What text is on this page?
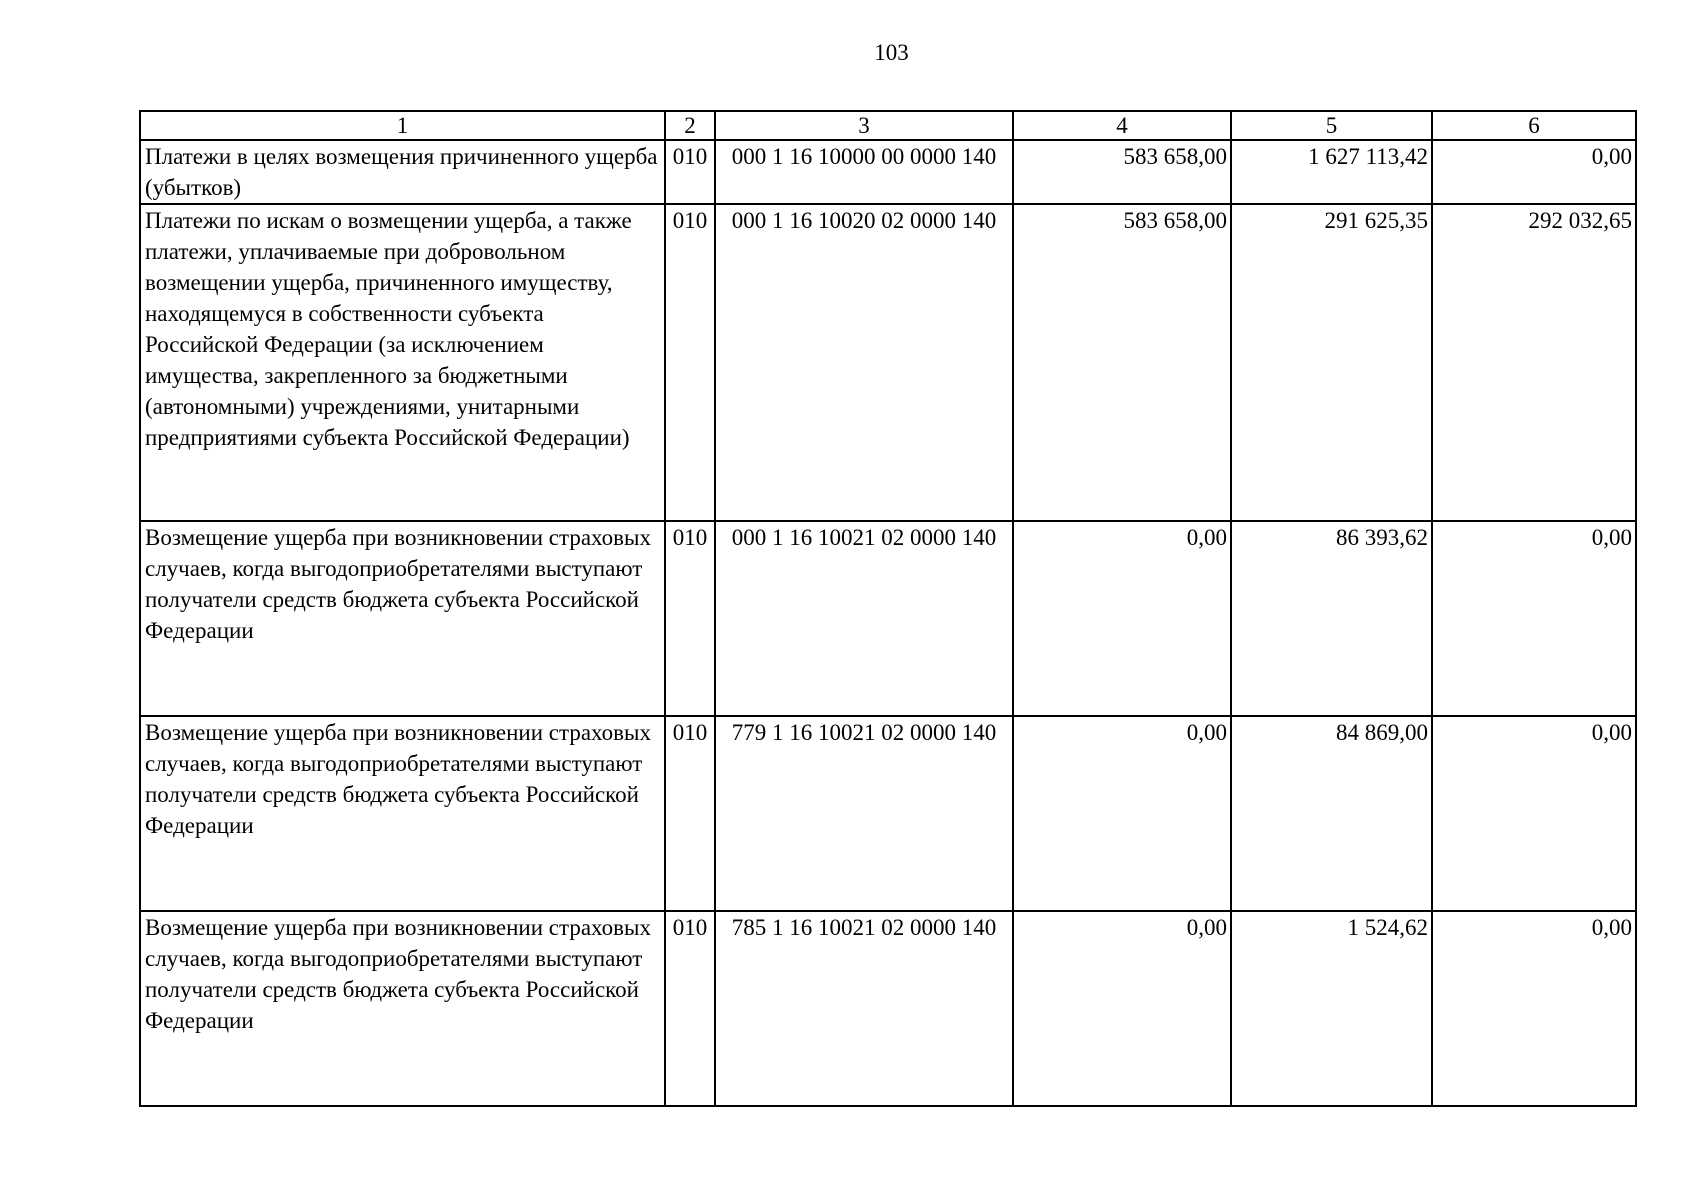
103
1	2	3	4	5	6
Платежи в целях возмещения причиненного ущерба (убытков)	010	000 1 16 10000 00 0000 140	583 658,00	1 627 113,42	0,00
Платежи по искам о возмещении ущерба, а также платежи, уплачиваемые при добровольном возмещении ущерба, причиненного имуществу, находящемуся в собственности субъекта Российской Федерации (за исключением имущества, закрепленного за бюджетными (автономными) учреждениями, унитарными предприятиями субъекта Российской Федерации)	010	000 1 16 10020 02 0000 140	583 658,00	291 625,35	292 032,65
Возмещение ущерба при возникновении страховых случаев, когда выгодоприобретателями выступают получатели средств бюджета субъекта Российской Федерации	010	000 1 16 10021 02 0000 140	0,00	86 393,62	0,00
Возмещение ущерба при возникновении страховых случаев, когда выгодоприобретателями выступают получатели средств бюджета субъекта Российской Федерации	010	779 1 16 10021 02 0000 140	0,00	84 869,00	0,00
Возмещение ущерба при возникновении страховых случаев, когда выгодоприобретателями выступают получатели средств бюджета субъекта Российской Федерации	010	785 1 16 10021 02 0000 140	0,00	1 524,62	0,00
